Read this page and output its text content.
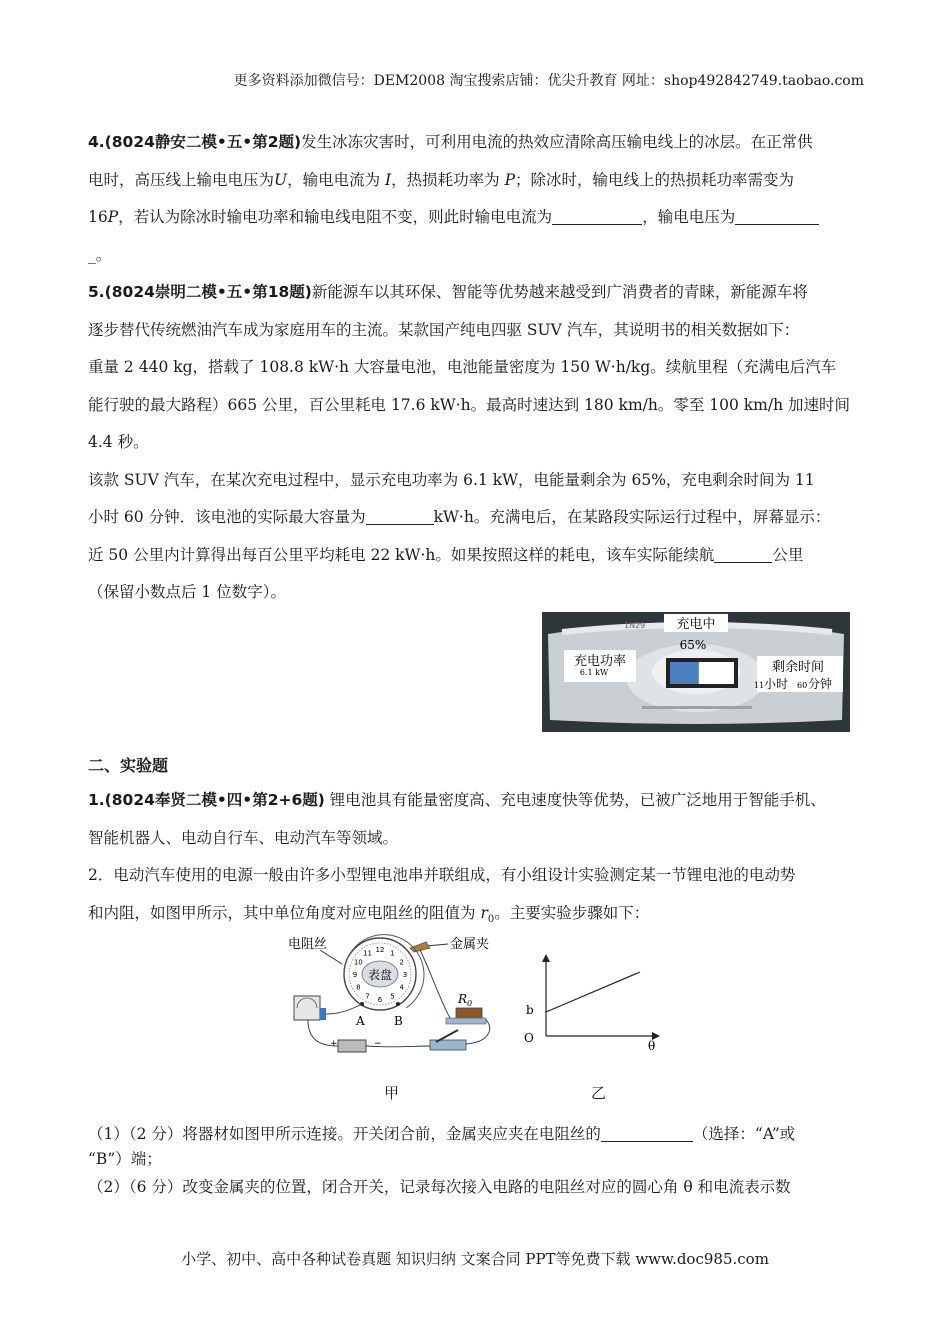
更多资料添加微信号：DEM2008 淘宝搜索店铺：优尖升教育 网址：shop492842749.taobao.com
4.(8024静安二模•五•第2题)发生冰冻灾害时，可利用电流的热效应清除高压输电线上的冰层。在正常供
电时，高压线上输电电压为U，输电电流为 I，热损耗功率为 P；除冰时，输电线上的热损耗功率需变为
16P，若认为除冰时输电功率和输电线电阻不变，则此时输电电流为	，输电电压为
_。
5.(8024崇明二模•五•第18题)新能源车以其环保、智能等优势越来越受到广消费者的青睐，新能源车将
逐步替代传统燃油汽车成为家庭用车的主流。某款国产纯电四驱 SUV 汽车，其说明书的相关数据如下：
重量 2 440 kg，搭载了 108.8 kW·h 大容量电池，电池能量密度为 150 W·h/kg。续航里程（充满电后汽车
能行驶的最大路程）665 公里，百公里耗电 17.6 kW·h。最高时速达到 180 km/h。零至 100 km/h 加速时间
4.4 秒。
该款 SUV 汽车，在某次充电过程中，显示充电功率为 6.1 kW，电能量剩余为 65%，充电剩余时间为 11
小时 60 分钟．该电池的实际最大容量为	kW·h。充满电后，在某路段实际运行过程中，屏幕显示：
近 50 公里内计算得出每百公里平均耗电 22 kW·h。如果按照这样的耗电，该车实际能续航	公里
（保留小数点后 1 位数字）。
1N29 充电中
65%
充电功率
6.1 kW	剩余时间
11 小时 60 分钟
二、实验题
1.(8024奉贤二模•四•第2+6题) 锂电池具有能量密度高、充电速度快等优势，已被广泛地用于智能手机、
智能机器人、电动自行车、电动汽车等领域。
2．电动汽车使用的电源一般由许多小型锂电池串并联组成，有小组设计实验测定某一节锂电池的电动势
和内阻，如图甲所示，其中单位角度对应电阻丝的阻值为 $r_0$。主要实验步骤如下：
电阻丝	金属夹
表盘
12 1
2
3
4
5
6
7
8
9
10
11
A B
$R_0$
+	−
甲
b
O
θ
乙
（1）（2 分）将器材如图甲所示连接。开关闭合前，金属夹应夹在电阻丝的	（选择：“A”或
“B”）端；
（2）（6 分）改变金属夹的位置，闭合开关，记录每次接入电路的电阻丝对应的圆心角 θ 和电流表示数
小学、初中、高中各种试卷真题 知识归纳 文案合同 PPT等免费下载 www.doc985.com
